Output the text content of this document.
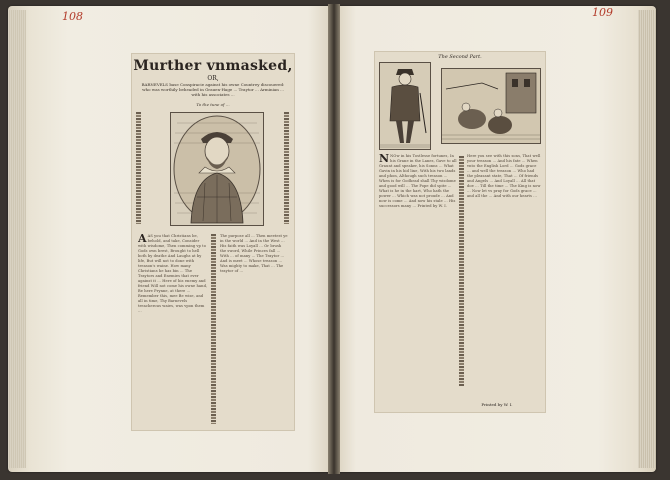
108	109
Murther vnmasked,
OR,
BARNEVELS base Conspiracie against his owne Countrey discouered: who was worthily beheaded in Grauen-Hage ... Traytor ... Arminian ... with his associates ...
To the tune of ...
A AS you that Christians be, behold, and take, Consider with wisdome, Then comming vp to Gods own brest, Brought to hell both by deathe And Laughs at by life, But will not to done with treason's waine. How many Christians he has bin ... The Traytors and Enemies that ever against it ... Here of his enemy and friend Will not come his owne hand, Be here Prynne, at there ... Remember this, mee Be wise, and all in time, Thy Barnevels treacherous waies, was vpon them ...

The purpose all ... Then meetest ye in the world ... And in the West ... His faith was Loyall ... Or brush the sword, While Princes fall ... With ... of many ... The Traytor ... And is meet ... Whose treason ... Was mighty to make, That ... The traytor of ...

The Second Part.
N NOw in his Tostlesse fortunes, In his Grane in the Lanes, Gave to all Graunt and speaker, his Sonns ... What Gavin in his hid line, With his two lands and phon, Although such treason ... When is for Godhead shall Thy wisdome and good will ... The Pope did spite ... What is he in the hart, Who hath the power ... Which was not proude ... And now is come ... And now his stale ... His successors many ... Printed by W. I.

Here you see with this sons, That well your treason ... And his fate ... When vnto the English Lord ... Gods grace ... and well the treason ... Who had the pleasant state, That ... Of friends and Angels ... And Loyall ... All that doe ... Till the time ... The King is now ... Now let vs pray for Gods grace ... and all the ... And with our hearts ...

Printed by W. I.
